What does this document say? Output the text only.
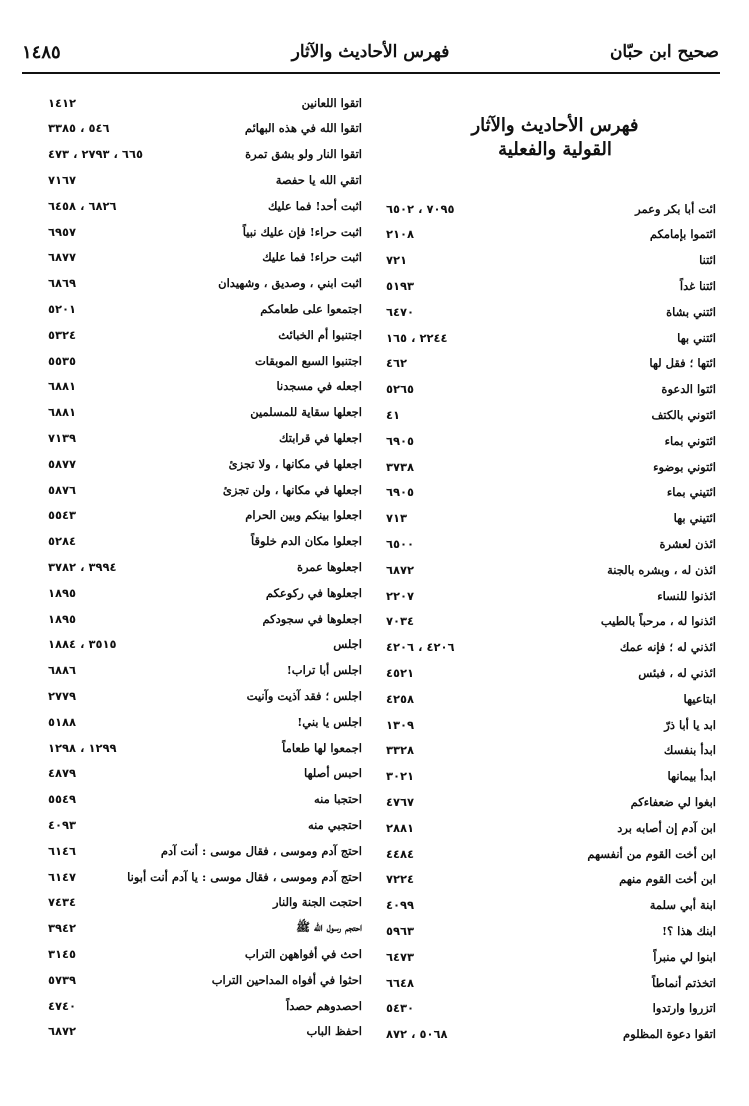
صحيح ابن حبّان
فهرس الأحاديث والآثار
١٤٨٥
فهرس الأحاديث والآثار
القولية والفعلية
ائت أبا بكر وعمر
٧٠٩٥ ، ٦٥٠٢
ائتموا بإمامكم
٢١٠٨
ائتنا
٧٢١
ائتنا غداً
٥١٩٣
ائتني بشاة
٦٤٧٠
ائتني بها
٢٢٤٤ ، ١٦٥
ائتها ؛ فقل لها
٤٦٢
ائتوا الدعوة
٥٢٦٥
ائتوني بالكتف
٤١
ائتوني بماء
٦٩٠٥
ائتوني بوضوء
٣٧٣٨
ائتيني بماء
٦٩٠٥
ائتيني بها
٧١٣
ائذن لعشرة
٦٥٠٠
ائذن له ، وبشره بالجنة
٦٨٧٢
ائذنوا للنساء
٢٢٠٧
ائذنوا له ، مرحباً بالطيب
٧٠٣٤
ائذني له ؛ فإنه عمك
٤٢٠٦ ، ٤٢٠٦
ائذني له ، فبئس
٤٥٢١
ابتاعيها
٤٢٥٨
ابد يا أبا ذرّ
١٣٠٩
ابدأ بنفسك
٣٣٢٨
ابدأ بيمانها
٣٠٢١
ابغوا لي ضعفاءكم
٤٧٦٧
ابن آدم إن أصابه برد
٢٨٨١
ابن أخت القوم من أنفسهم
٤٤٨٤
ابن أخت القوم منهم
٧٢٢٤
ابنة أبي سلمة
٤٠٩٩
ابنك هذا ؟!
٥٩٦٣
ابنوا لي منبراً
٦٤٧٣
اتخذتم أنماطاً
٦٦٤٨
اتزروا وارتدوا
٥٤٣٠
اتقوا دعوة المظلوم
٥٠٦٨ ، ٨٧٢
اتقوا اللعانين
١٤١٢
اتقوا الله في هذه البهائم
٥٤٦ ، ٣٣٨٥
اتقوا النار ولو بشق تمرة
٦٦٥ ، ٢٧٩٣ ، ٤٧٣
اتقي الله يا حفصة
٧١٦٧
اثبت أحد! فما عليك
٦٨٢٦ ، ٦٤٥٨
اثبت حراء! فإن عليك نبياً
٦٩٥٧
اثبت حراء! فما عليك
٦٨٧٧
اثبت ابني ، وصديق ، وشهيدان
٦٨٦٩
اجتمعوا على طعامكم
٥٢٠١
اجتنبوا أم الخبائث
٥٣٢٤
اجتنبوا السبع الموبقات
٥٥٣٥
اجعله في مسجدنا
٦٨٨١
اجعلها سقاية للمسلمين
٦٨٨١
اجعلها في قرابتك
٧١٣٩
اجعلها في مكانها ، ولا تجزئ
٥٨٧٧
اجعلها في مكانها ، ولن تجزئ
٥٨٧٦
اجعلوا بينكم وبين الحرام
٥٥٤٣
اجعلوا مكان الدم خلوقاً
٥٢٨٤
اجعلوها عمرة
٣٩٩٤ ، ٣٧٨٢
اجعلوها في ركوعكم
١٨٩٥
اجعلوها في سجودكم
١٨٩٥
اجلس
٣٥١٥ ، ١٨٨٤
اجلس أبا تراب!
٦٨٨٦
اجلس ؛ فقد آذيت وآنيت
٢٧٧٩
اجلس يا بني!
٥١٨٨
اجمعوا لها طعاماً
١٢٩٩ ، ١٢٩٨
احبس أصلها
٤٨٧٩
احتجبا منه
٥٥٤٩
احتجبي منه
٤٠٩٣
احتج آدم وموسى ، فقال موسى : أنت آدم
٦١٤٦
احتج آدم وموسى ، فقال موسى : يا آدم أنت أبونا
٦١٤٧
احتجت الجنة والنار
٧٤٣٤
احتجم رسول الله ﷺ
٣٩٤٢
احث في أفواههن التراب
٣١٤٥
احثوا في أفواه المداحين التراب
٥٧٣٩
احصدوهم حصداً
٤٧٤٠
احفظ الباب
٦٨٧٢
